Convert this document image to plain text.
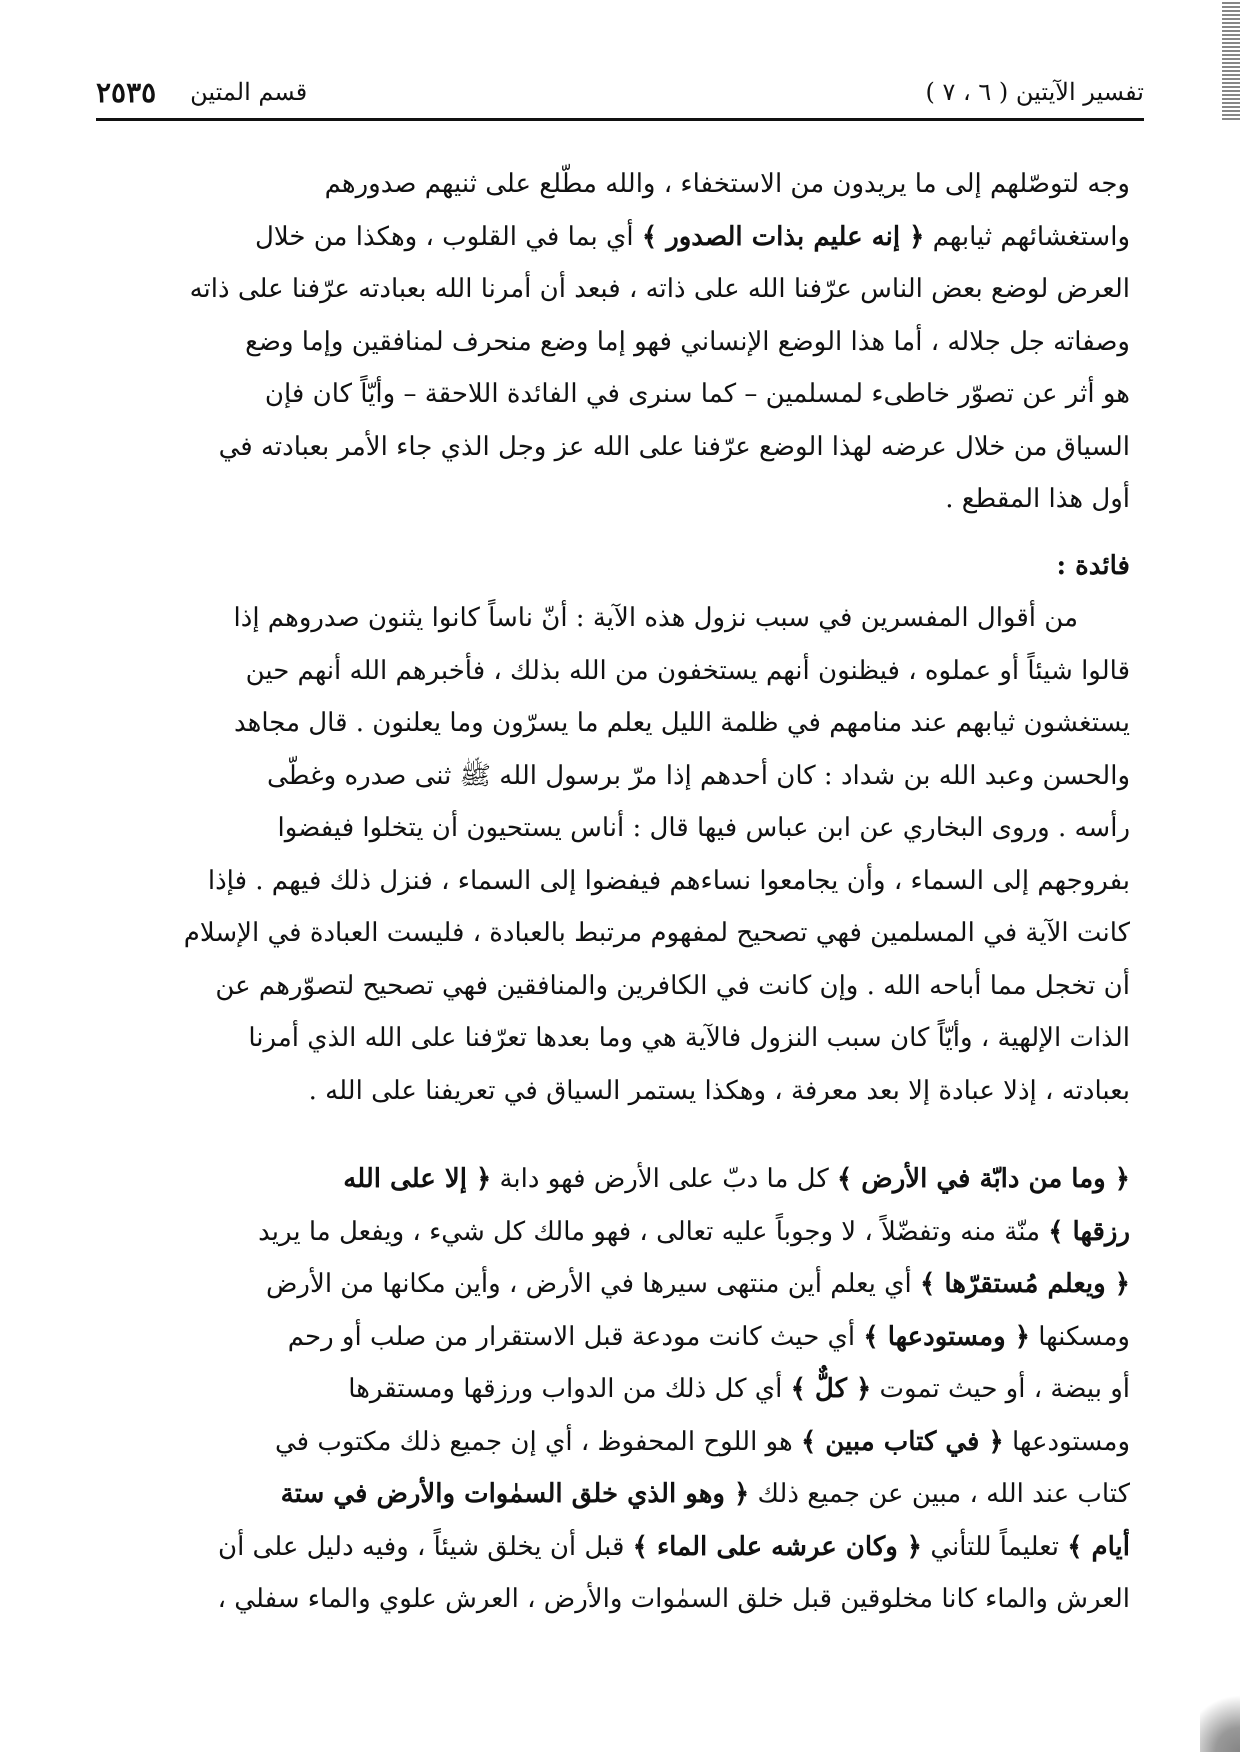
تفسير الآيتين ( ٦ ، ٧ )
قسم المتين
٢٥٣٥

وجه لتوصّلهم إلى ما يريدون من الاستخفاء ، والله مطّلع على ثنيهم صدورهم

واستغشائهم ثيابهم ﴿ إنه عليم بذات الصدور ﴾ أي بما في القلوب ، وهكذا من خلال

العرض لوضع بعض الناس عرّفنا الله على ذاته ، فبعد أن أمرنا الله بعبادته عرّفنا على ذاته

وصفاته جل جلاله ، أما هذا الوضع الإنساني فهو إما وضع منحرف لمنافقين وإما وضع

هو أثر عن تصوّر خاطىء لمسلمين – كما سنرى في الفائدة اللاحقة – وأيّاً كان فإن

السياق من خلال عرضه لهذا الوضع عرّفنا على الله عز وجل الذي جاء الأمر بعبادته في

أول هذا المقطع .

فائدة :

من أقوال المفسرين في سبب نزول هذه الآية : أنّ ناساً كانوا يثنون صدروهم إذا

قالوا شيئاً أو عملوه ، فيظنون أنهم يستخفون من الله بذلك ، فأخبرهم الله أنهم حين

يستغشون ثيابهم عند منامهم في ظلمة الليل يعلم ما يسرّون وما يعلنون . قال مجاهد

والحسن وعبد الله بن شداد : كان أحدهم إذا مرّ برسول الله ﷺ ثنى صدره وغطّى

رأسه . وروى البخاري عن ابن عباس فيها قال : أناس يستحيون أن يتخلوا فيفضوا

بفروجهم إلى السماء ، وأن يجامعوا نساءهم فيفضوا إلى السماء ، فنزل ذلك فيهم . فإذا

كانت الآية في المسلمين فهي تصحيح لمفهوم مرتبط بالعبادة ، فليست العبادة في الإسلام

أن تخجل مما أباحه الله . وإن كانت في الكافرين والمنافقين فهي تصحيح لتصوّرهم عن

الذات الإلهية ، وأيّاً كان سبب النزول فالآية هي وما بعدها تعرّفنا على الله الذي أمرنا

بعبادته ، إذلا عبادة إلا بعد معرفة ، وهكذا يستمر السياق في تعريفنا على الله .

﴿ وما من دابّة في الأرض ﴾ كل ما دبّ على الأرض فهو دابة ﴿ إلا على الله

رزقها ﴾ منّة منه وتفضّلاً ، لا وجوباً عليه تعالى ، فهو مالك كل شيء ، ويفعل ما يريد

﴿ ويعلم مُستقرّها ﴾ أي يعلم أين منتهى سيرها في الأرض ، وأين مكانها من الأرض

ومسكنها ﴿ ومستودعها ﴾ أي حيث كانت مودعة قبل الاستقرار من صلب أو رحم

أو بيضة ، أو حيث تموت ﴿ كلٌّ ﴾ أي كل ذلك من الدواب ورزقها ومستقرها

ومستودعها ﴿ في كتاب مبين ﴾ هو اللوح المحفوظ ، أي إن جميع ذلك مكتوب في

كتاب عند الله ، مبين عن جميع ذلك ﴿ وهو الذي خلق السمٰوات والأرض في ستة

أيام ﴾ تعليماً للتأني ﴿ وكان عرشه على الماء ﴾ قبل أن يخلق شيئاً ، وفيه دليل على أن

العرش والماء كانا مخلوقين قبل خلق السمٰوات والأرض ، العرش علوي والماء سفلي ،
